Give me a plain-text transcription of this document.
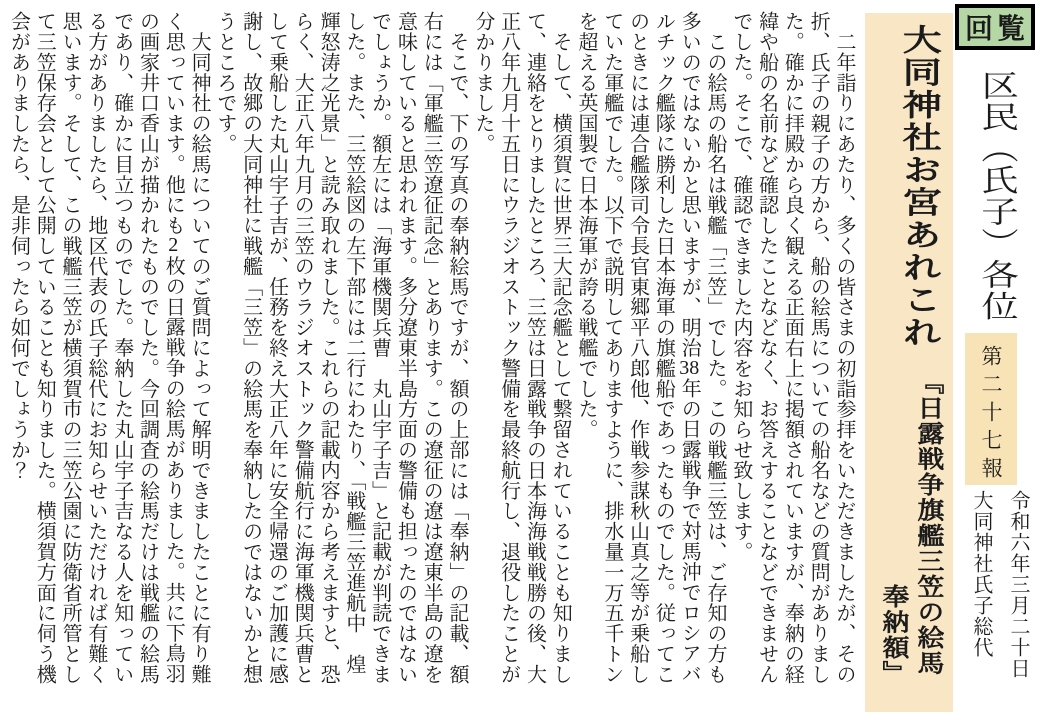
回覧
区民（氏子）各位
第二十七報
令和六年三月二十日
大同神社氏子総代
大同神社お宮あれこれ
『日露戦争旗艦三笠の絵馬
奉納額』
　二年詣りにあたり、多くの皆さまの初詣参拝をいただきましたが、その
折、氏子の親子の方から、船の絵馬についての船名などの質問がありまし
た。確かに拝殿から良く観える正面右上に掲額されていますが、奉納の経
緯や船の名前など確認したことなどなく、お答えすることなどできません
でした。そこで、確認できました内容をお知らせ致します。
　この絵馬の船名は戦艦「三笠」でした。この戦艦三笠は、ご存知の方も
多いのではないかと思いますが、明治38年の日露戦争で対馬沖でロシアバ
ルチック艦隊に勝利した日本海軍の旗艦船であったものでした。従ってこ
のときには連合艦隊司令長官東郷平八郎他、作戦参謀秋山真之等が乗船し
ていた軍艦でした。以下で説明してありますように、排水量一万五千トン
を超える英国製で日本海軍が誇る戦艦でした。
　そして、横須賀に世界三大記念艦として繋留されていることも知りまし
て、連絡をとりましたところ、三笠は日露戦争の日本海海戦戦勝の後、大
正八年九月十五日にウラジオストック警備を最終航行し、退役したことが
分かりました。
　そこで、下の写真の奉納絵馬ですが、額の上部には「奉納」の記載、額
右には「軍艦三笠遼征記念」とあります。この遼征の遼は遼東半島の遼を
意味していると思われます。多分遼東半島方面の警備も担ったのではない
でしょうか。額左には「海軍機関兵曹　丸山宇子吉」と記載が判読できま
した。また、三笠絵図の左下部には二行にわたり、「戦艦三笠進航中　煌
輝怒涛之光景」と読み取れました。これらの記載内容から考えますと、恐
らく、大正八年九月の三笠のウラジオストック警備航行に海軍機関兵曹と
して乗船した丸山宇子吉が、任務を終え大正八年に安全帰還のご加護に感
謝し、故郷の大同神社に戦艦「三笠」の絵馬を奉納したのではないかと想
うところです。
　大同神社の絵馬についてのご質問によって解明できましたことに有り難
く思っています。他にも2枚の日露戦争の絵馬がありました。共に下鳥羽
の画家井口香山が描かれたものでした。今回調査の絵馬だけは戦艦の絵馬
であり、確かに目立つものでした。奉納した丸山宇子吉なる人を知ってい
る方がありましたら、地区代表の氏子総代にお知らせいただければ有難く
思います。そして、この戦艦三笠が横須賀市の三笠公園に防衛省所管とし
て三笠保存会として公開していることも知りました。横須賀方面に伺う機
会がありましたら、是非伺ったら如何でしょうか？
